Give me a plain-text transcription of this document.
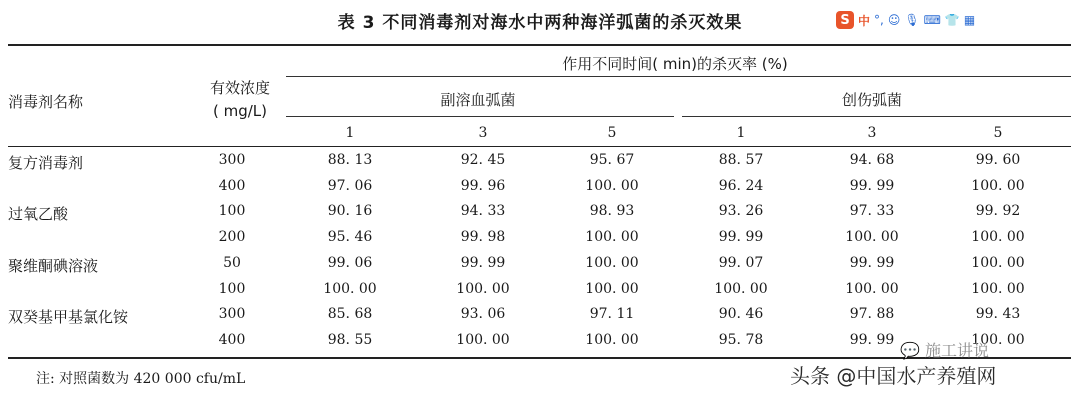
表 3 不同消毒剂对海水中两种海洋弧菌的杀灭效果	S 中 °, ☺ 🎙 ⌨ 👕 ▦
消毒剂名称
有效浓度
( mg/L)
作用不同时间( min)的杀灭率 (%)
副溶血弧菌	创伤弧菌
1	3	5	1	3	5
复方消毒剂	300	88. 13	92. 45	95. 67	88. 57	94. 68	99. 60
400	97. 06	99. 96	100. 00	96. 24	99. 99	100. 00
过氧乙酸	100	90. 16	94. 33	98. 93	93. 26	97. 33	99. 92
200	95. 46	99. 98	100. 00	99. 99	100. 00	100. 00
聚维酮碘溶液	50	99. 06	99. 99	100. 00	99. 07	99. 99	100. 00
100	100. 00	100. 00	100. 00	100. 00	100. 00	100. 00
双癸基甲基氯化铵	300	85. 68	93. 06	97. 11	90. 46	97. 88	99. 43
400	98. 55	100. 00	100. 00	95. 78	99. 99	100. 00
注: 对照菌数为 420 000 cfu/mL
💬 施工讲说
头条 @中国水产养殖网
